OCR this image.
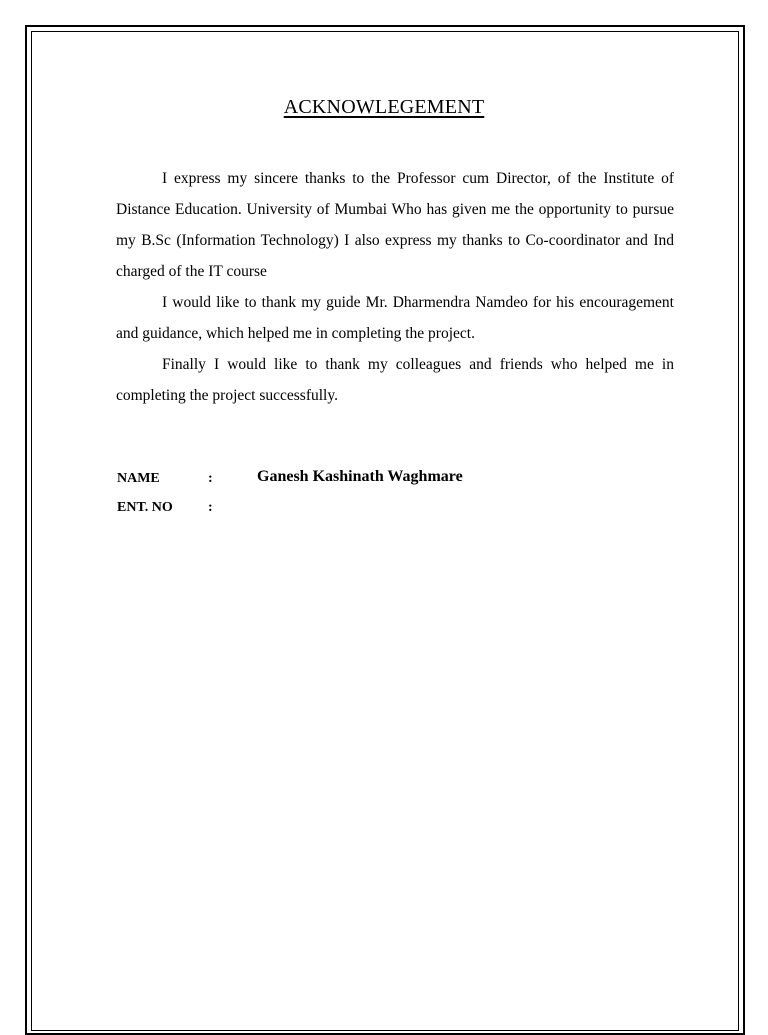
ACKNOWLEGEMENT

I express my sincere thanks to the Professor cum Director, of the Institute of Distance Education. University of Mumbai Who has given me the opportunity to pursue my B.Sc (Information Technology) I also express my thanks to Co-coordinator and Ind charged of the IT course

I would like to thank my guide Mr. Dharmendra Namdeo for his encouragement and guidance, which helped me in completing the project.

Finally I would like to thank my colleagues and friends who helped me in completing the project successfully.

NAME	:	Ganesh Kashinath Waghmare
ENT. NO	:
